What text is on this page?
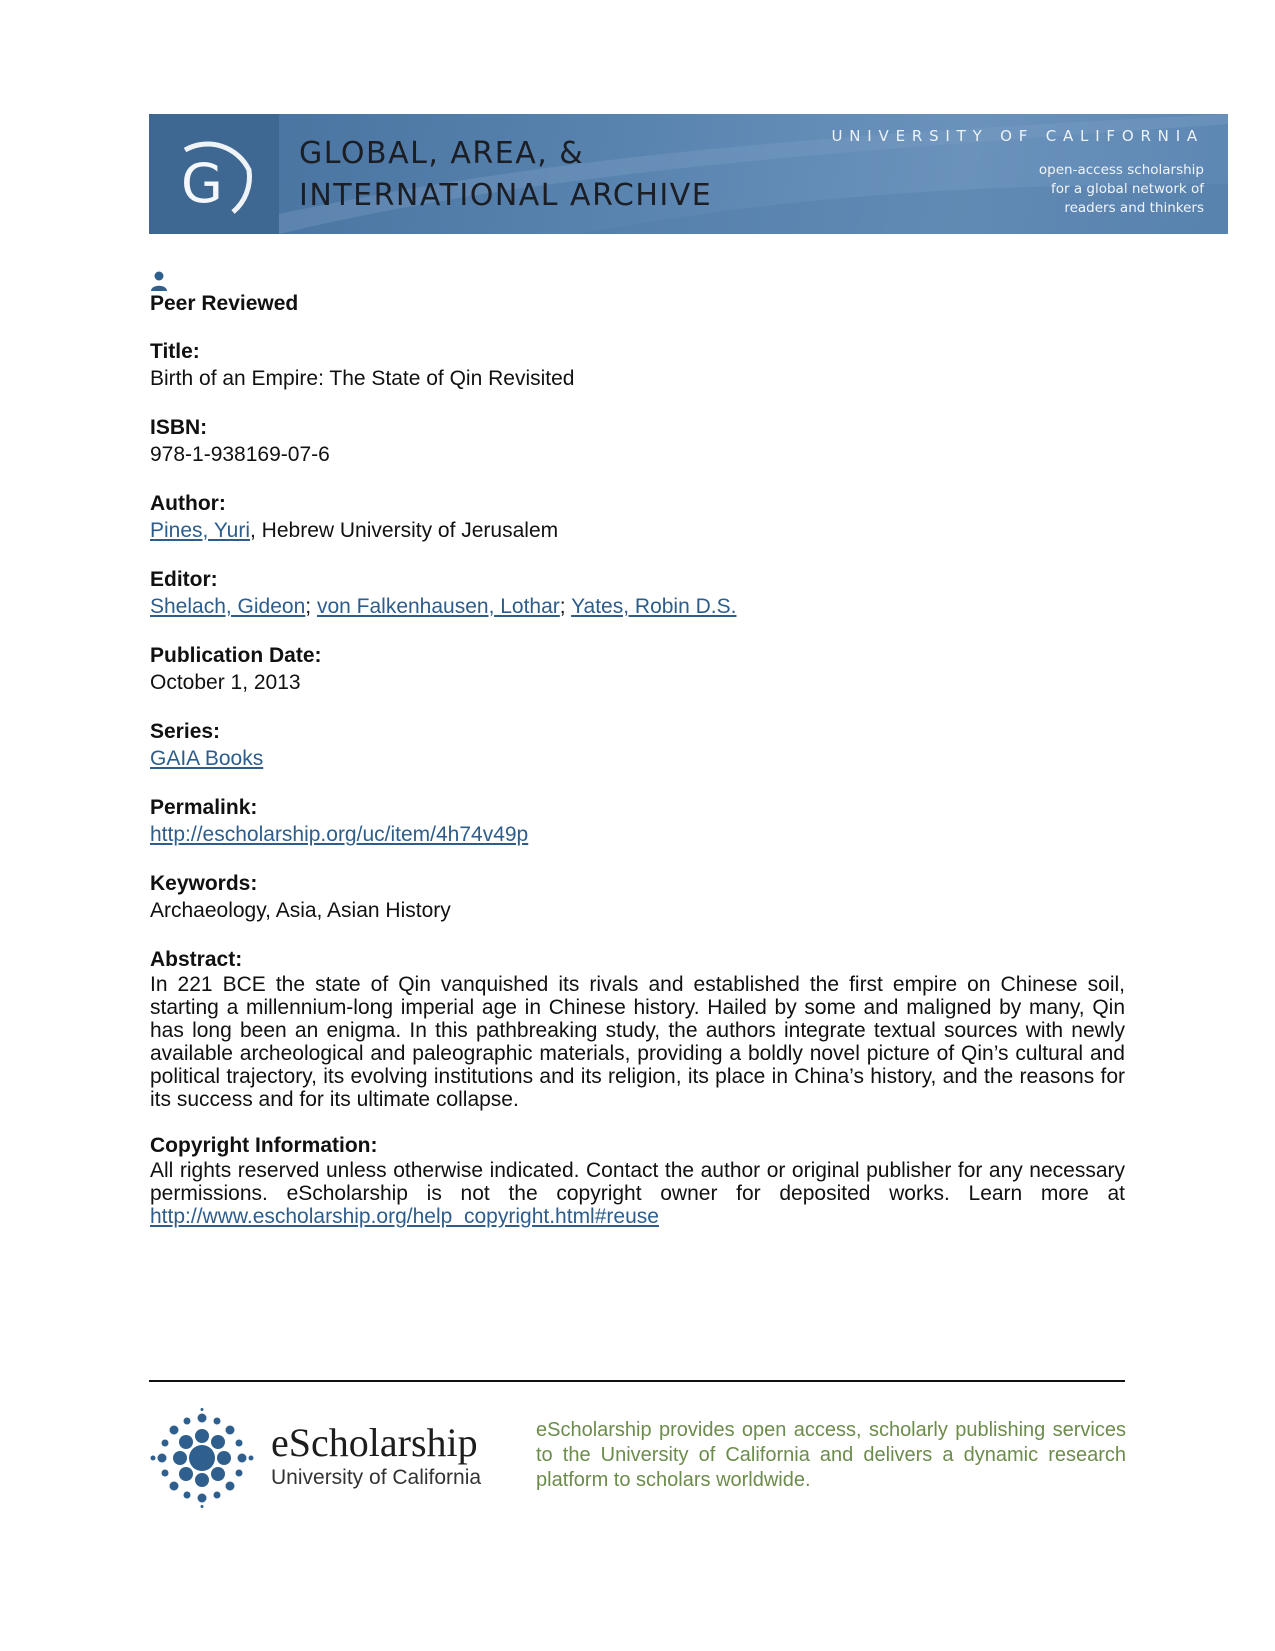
G	GLOBAL, AREA, &
INTERNATIONAL ARCHIVE
UNIVERSITY OF CALIFORNIA
open-access scholarship
for a global network of
readers and thinkers
Peer Reviewed
Title:
Birth of an Empire: The State of Qin Revisited
ISBN:
978-1-938169-07-6
Author:
Pines, Yuri, Hebrew University of Jerusalem
Editor:
Shelach, Gideon; von Falkenhausen, Lothar; Yates, Robin D.S.
Publication Date:
October 1, 2013
Series:
GAIA Books
Permalink:
http://escholarship.org/uc/item/4h74v49p
Keywords:
Archaeology, Asia, Asian History
Abstract:
In 221 BCE the state of Qin vanquished its rivals and established the first empire on Chinese soil, starting a millennium-long imperial age in Chinese history. Hailed by some and maligned by many, Qin has long been an enigma. In this pathbreaking study, the authors integrate textual sources with newly available archeological and paleographic materials, providing a boldly novel picture of Qin’s cultural and political trajectory, its evolving institutions and its religion, its place in China’s history, and the reasons for its success and for its ultimate collapse.
Copyright Information:
All rights reserved unless otherwise indicated. Contact the author or original publisher for any necessary permissions. eScholarship is not the copyright owner for deposited works. Learn more at http://www.escholarship.org/help_copyright.html#reuse
eScholarship
University of California
eScholarship provides open access, scholarly publishing services to the University of California and delivers a dynamic research platform to scholars worldwide.
